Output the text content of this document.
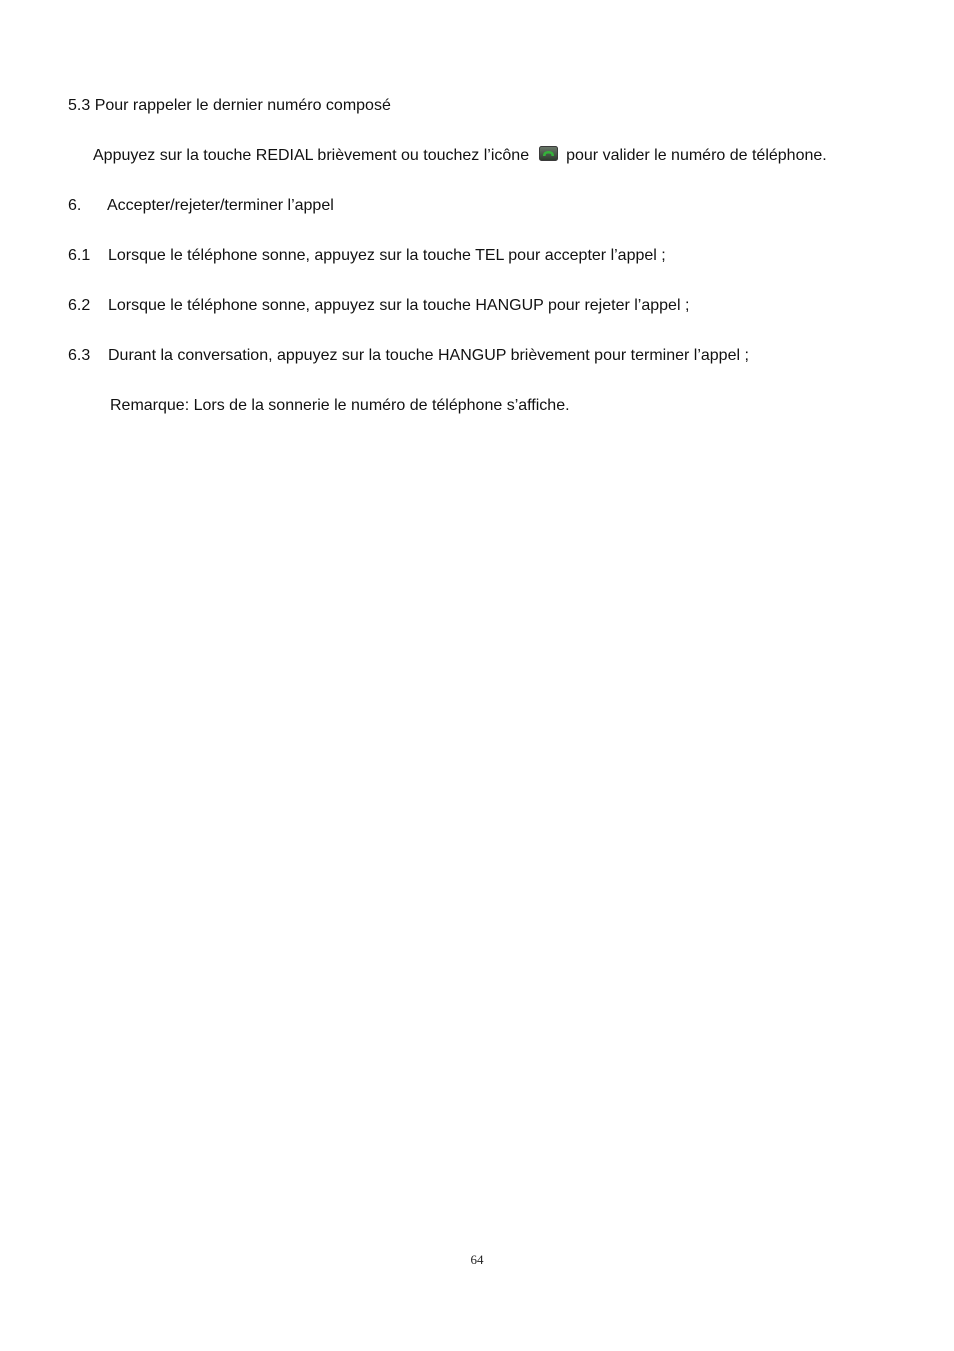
5.3 Pour rappeler le dernier numéro composé
Appuyez sur la touche REDIAL brièvement ou touchez l’icône pour valider le numéro de téléphone.
6. Accepter/rejeter/terminer l’appel
6.1 Lorsque le téléphone sonne, appuyez sur la touche TEL pour accepter l’appel ;
6.2 Lorsque le téléphone sonne, appuyez sur la touche HANGUP pour rejeter l’appel ;
6.3 Durant la conversation, appuyez sur la touche HANGUP brièvement pour terminer l’appel ;
Remarque: Lors de la sonnerie le numéro de téléphone s’affiche.
64
